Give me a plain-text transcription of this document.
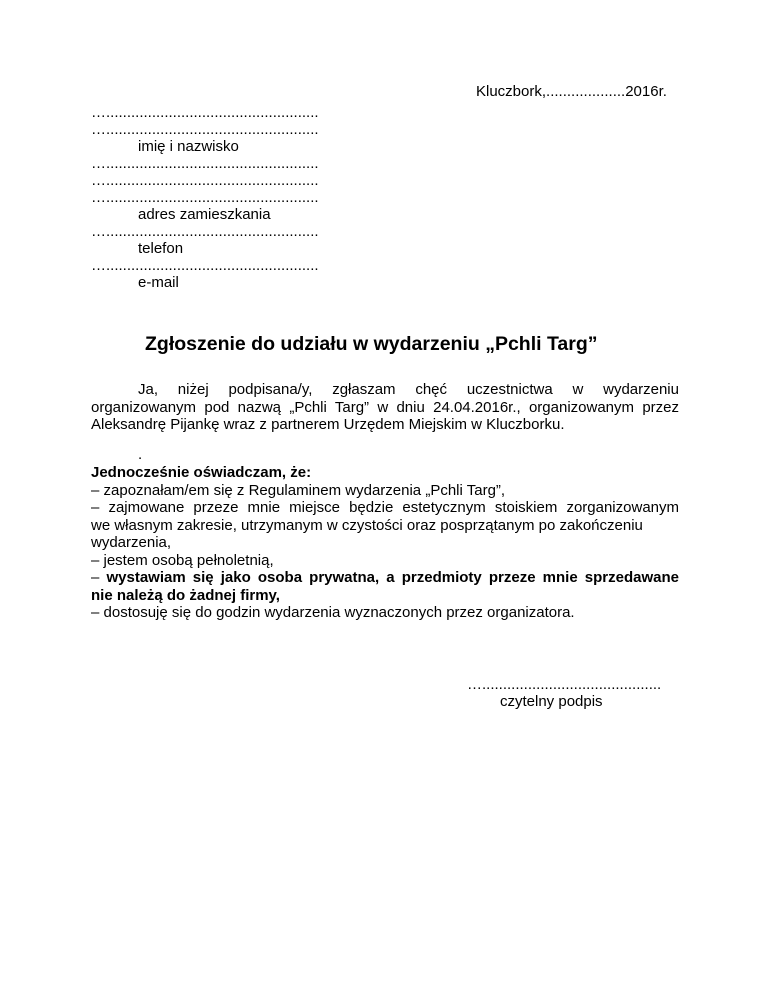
Kluczbork,...................2016r.
…...................................................
…...................................................
imię i nazwisko
…...................................................
…...................................................
…...................................................
adres zamieszkania
…...................................................
telefon
…...................................................
e-mail
Zgłoszenie do udziału w wydarzeniu „Pchli Targ”
Ja, niżej podpisana/y, zgłaszam chęć uczestnictwa w wydarzeniu
organizowanym pod nazwą „Pchli Targ” w dniu 24.04.2016r., organizowanym przez
Aleksandrę Pijankę wraz z partnerem Urzędem Miejskim w Kluczborku.
.
Jednocześnie oświadczam, że:
– zapoznałam/em się z Regulaminem wydarzenia „Pchli Targ”,
– zajmowane przeze mnie miejsce będzie estetycznym stoiskiem zorganizowanym
we własnym zakresie, utrzymanym w czystości oraz posprzątanym po zakończeniu
wydarzenia,
– jestem osobą pełnoletnią,
– wystawiam się jako osoba prywatna, a przedmioty przeze mnie sprzedawane
nie należą do żadnej firmy,
– dostosuję się do godzin wydarzenia wyznaczonych przez organizatora.
…...........................................
czytelny podpis
